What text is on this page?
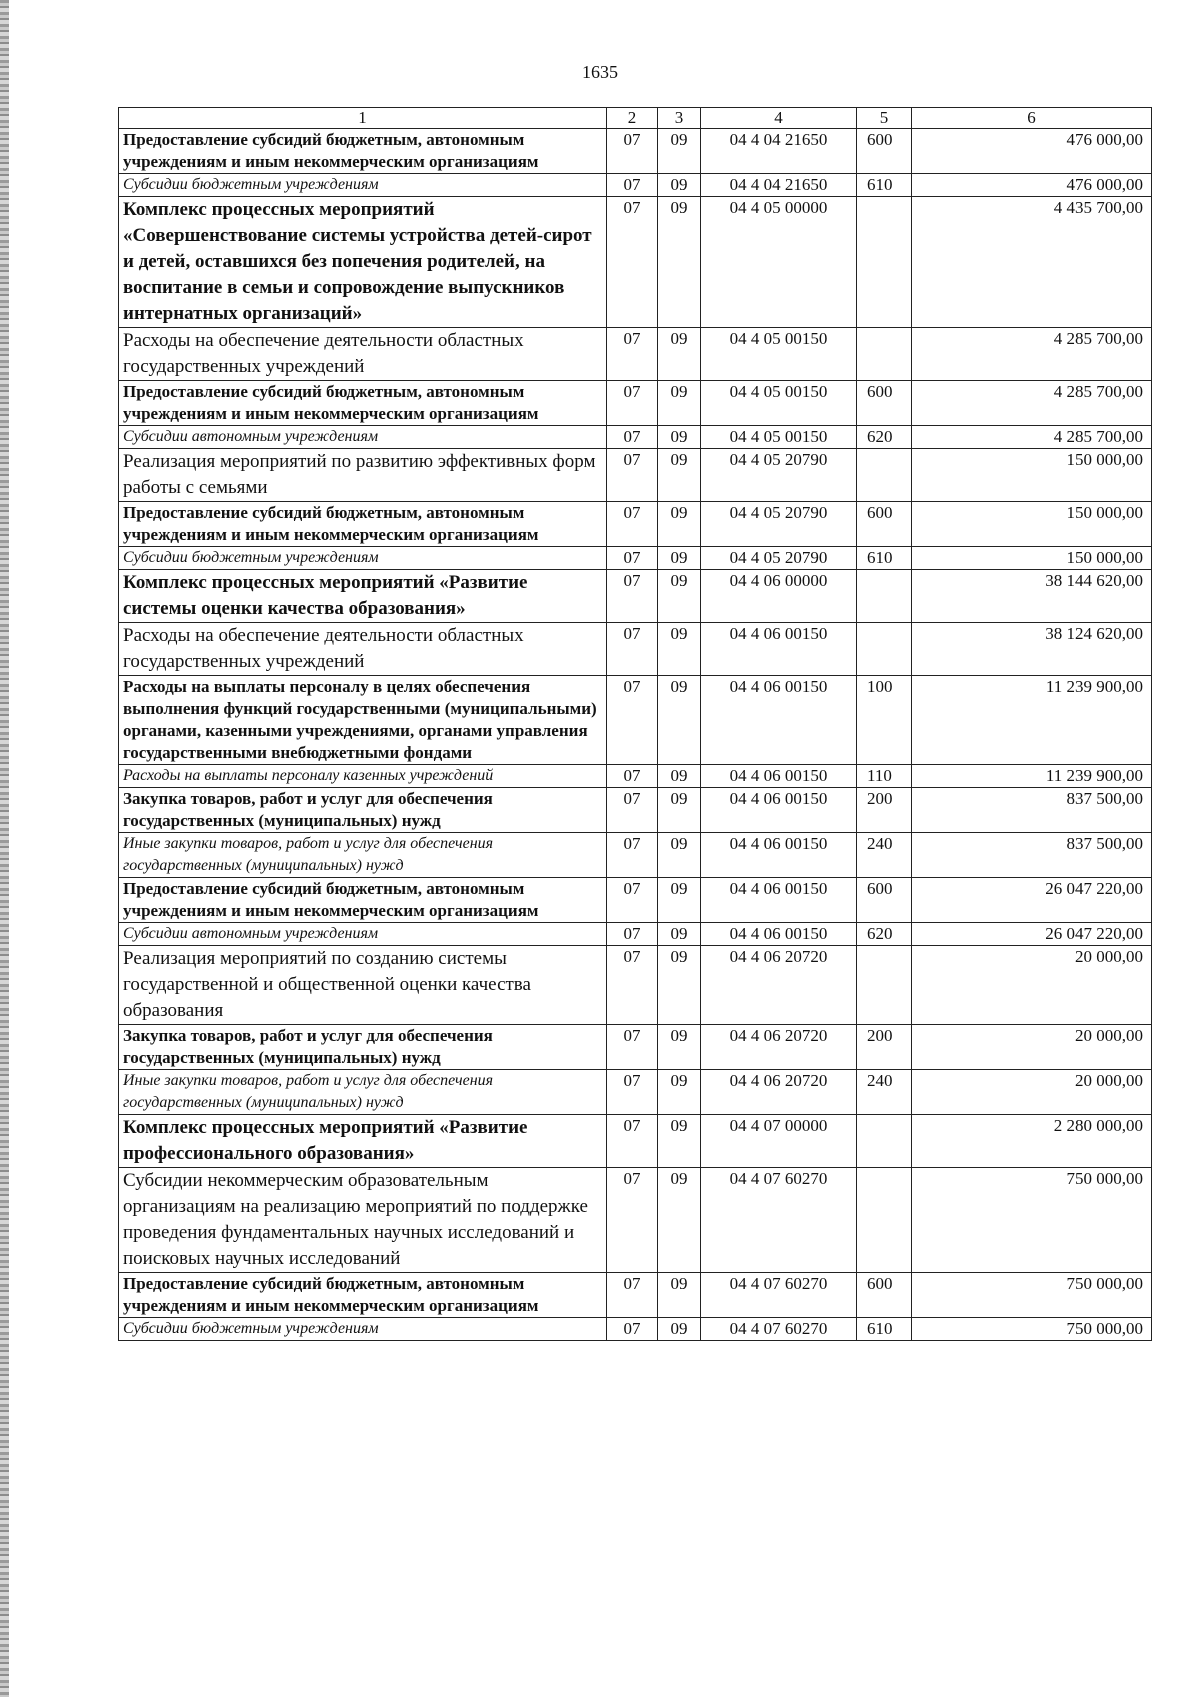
1635
1	2	3	4	5	6
Предоставление субсидий бюджетным, автономным учреждениям и иным некоммерческим организациям	07	09	04 4 04 21650	600	476 000,00
Субсидии бюджетным учреждениям	07	09	04 4 04 21650	610	476 000,00
Комплекс процессных мероприятий «Совершенствование системы устройства детей-сирот и детей, оставшихся без попечения родителей, на воспитание в семьи и сопровождение выпускников интернатных организаций»	07	09	04 4 05 00000		4 435 700,00
Расходы на обеспечение деятельности областных государственных учреждений	07	09	04 4 05 00150		4 285 700,00
Предоставление субсидий бюджетным, автономным учреждениям и иным некоммерческим организациям	07	09	04 4 05 00150	600	4 285 700,00
Субсидии автономным учреждениям	07	09	04 4 05 00150	620	4 285 700,00
Реализация мероприятий по развитию эффективных форм работы с семьями	07	09	04 4 05 20790		150 000,00
Предоставление субсидий бюджетным, автономным учреждениям и иным некоммерческим организациям	07	09	04 4 05 20790	600	150 000,00
Субсидии бюджетным учреждениям	07	09	04 4 05 20790	610	150 000,00
Комплекс процессных мероприятий «Развитие системы оценки качества образования»	07	09	04 4 06 00000		38 144 620,00
Расходы на обеспечение деятельности областных государственных учреждений	07	09	04 4 06 00150		38 124 620,00
Расходы на выплаты персоналу в целях обеспечения выполнения функций государственными (муниципальными) органами, казенными учреждениями, органами управления государственными внебюджетными фондами	07	09	04 4 06 00150	100	11 239 900,00
Расходы на выплаты персоналу казенных учреждений	07	09	04 4 06 00150	110	11 239 900,00
Закупка товаров, работ и услуг для обеспечения государственных (муниципальных) нужд	07	09	04 4 06 00150	200	837 500,00
Иные закупки товаров, работ и услуг для обеспечения государственных (муниципальных) нужд	07	09	04 4 06 00150	240	837 500,00
Предоставление субсидий бюджетным, автономным учреждениям и иным некоммерческим организациям	07	09	04 4 06 00150	600	26 047 220,00
Субсидии автономным учреждениям	07	09	04 4 06 00150	620	26 047 220,00
Реализация мероприятий по созданию системы государственной и общественной оценки качества образования	07	09	04 4 06 20720		20 000,00
Закупка товаров, работ и услуг для обеспечения государственных (муниципальных) нужд	07	09	04 4 06 20720	200	20 000,00
Иные закупки товаров, работ и услуг для обеспечения государственных (муниципальных) нужд	07	09	04 4 06 20720	240	20 000,00
Комплекс процессных мероприятий «Развитие профессионального образования»	07	09	04 4 07 00000		2 280 000,00
Субсидии некоммерческим образовательным организациям на реализацию мероприятий по поддержке проведения фундаментальных научных исследований и поисковых научных исследований	07	09	04 4 07 60270		750 000,00
Предоставление субсидий бюджетным, автономным учреждениям и иным некоммерческим организациям	07	09	04 4 07 60270	600	750 000,00
Субсидии бюджетным учреждениям	07	09	04 4 07 60270	610	750 000,00
